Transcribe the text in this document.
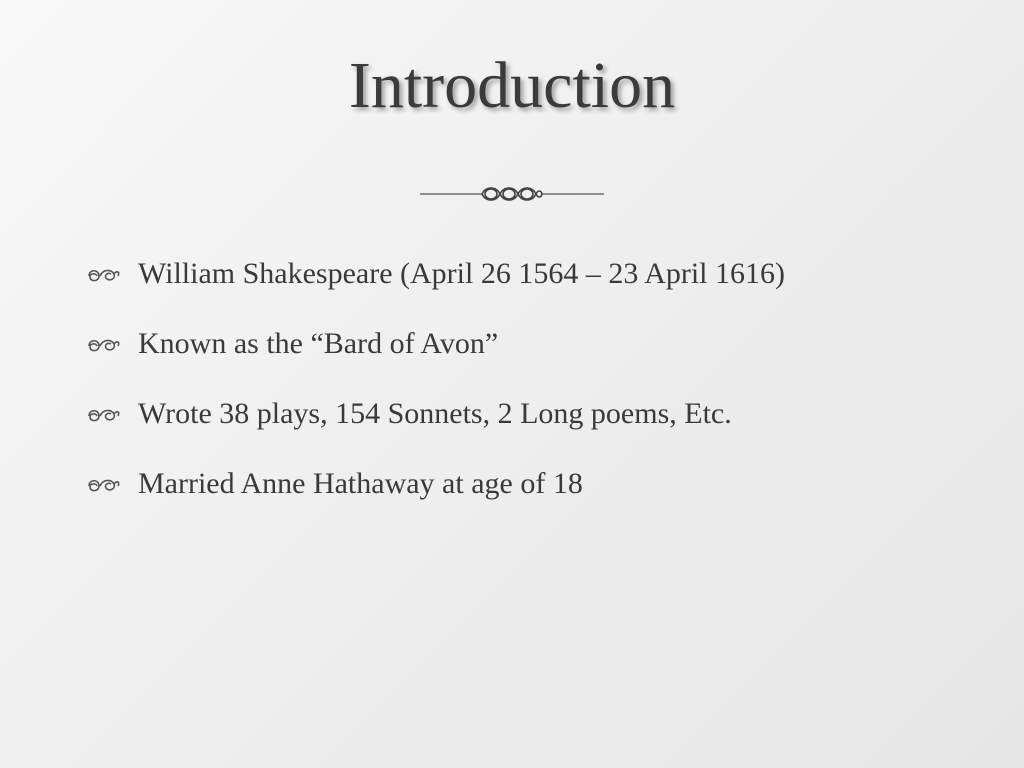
Introduction
William Shakespeare (April 26 1564 – 23 April 1616)
Known as the “Bard of Avon”
Wrote 38 plays, 154 Sonnets, 2 Long poems, Etc.
Married Anne Hathaway at age of 18
